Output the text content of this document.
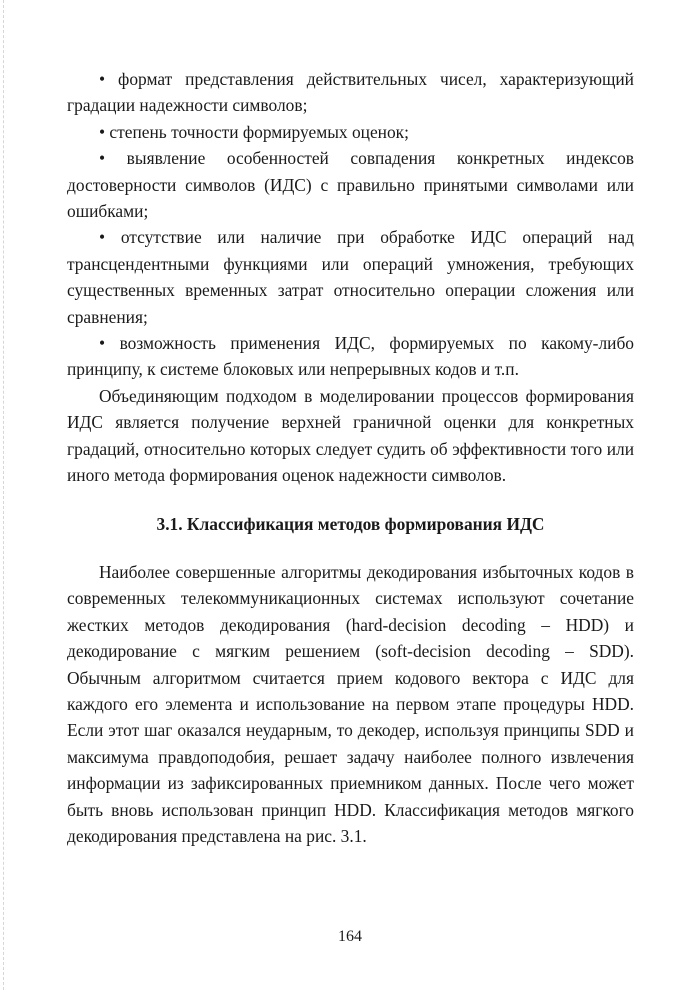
• формат представления действительных чисел, характеризующий градации надежности символов;

• степень точности формируемых оценок;

• выявление особенностей совпадения конкретных индексов достоверности символов (ИДС) с правильно принятыми символами или ошибками;

• отсутствие или наличие при обработке ИДС операций над трансцендентными функциями или операций умножения, требующих существенных временных затрат относительно операции сложения или сравнения;

• возможность применения ИДС, формируемых по какому-либо принципу, к системе блоковых или непрерывных кодов и т.п.

Объединяющим подходом в моделировании процессов формирования ИДС является получение верхней граничной оценки для конкретных градаций, относительно которых следует судить об эффективности того или иного метода формирования оценок надежности символов.

3.1. Классификация методов формирования ИДС

Наиболее совершенные алгоритмы декодирования избыточных кодов в современных телекоммуникационных системах используют сочетание жестких методов декодирования (hard-decision decoding – HDD) и декодирование с мягким решением (soft-decision decoding – SDD). Обычным алгоритмом считается прием кодового вектора с ИДС для каждого его элемента и использование на первом этапе процедуры HDD. Если этот шаг оказался неударным, то декодер, используя принципы SDD и максимума правдоподобия, решает задачу наиболее полного извлечения информации из зафиксированных приемником данных. После чего может быть вновь использован принцип HDD. Классификация методов мягкого декодирования представлена на рис. 3.1.

164
